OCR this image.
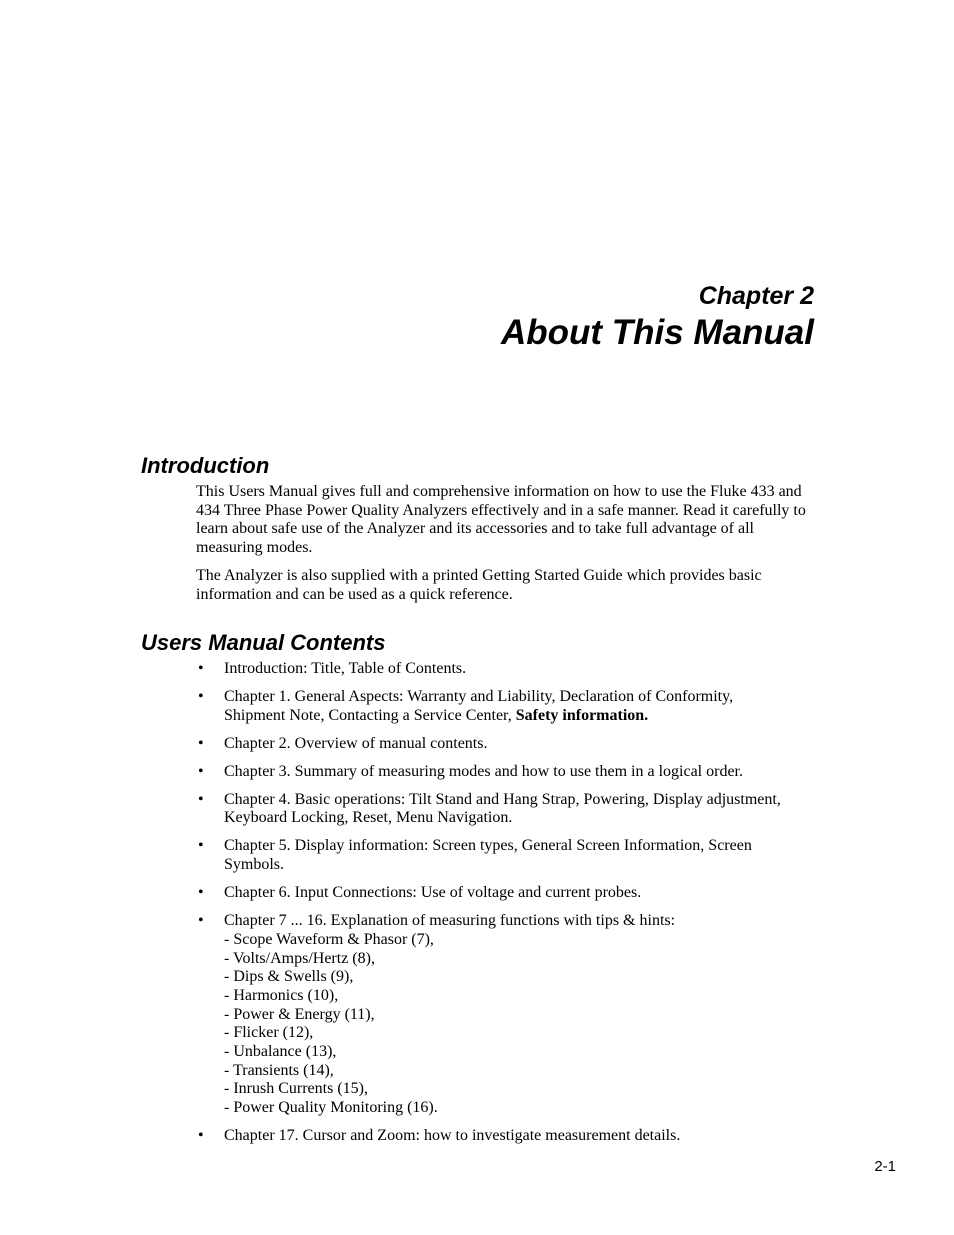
Chapter 2
About This Manual
Introduction

This Users Manual gives full and comprehensive information on how to use the Fluke 433 and 434 Three Phase Power Quality Analyzers effectively and in a safe manner. Read it carefully to learn about safe use of the Analyzer and its accessories and to take full advantage of all measuring modes.

The Analyzer is also supplied with a printed Getting Started Guide which provides basic information and can be used as a quick reference.

Users Manual Contents
• Introduction: Title, Table of Contents.
• Chapter 1. General Aspects: Warranty and Liability, Declaration of Conformity, Shipment Note, Contacting a Service Center, Safety information.
• Chapter 2. Overview of manual contents.
• Chapter 3. Summary of measuring modes and how to use them in a logical order.
• Chapter 4. Basic operations: Tilt Stand and Hang Strap, Powering, Display adjustment, Keyboard Locking, Reset, Menu Navigation.
• Chapter 5. Display information: Screen types, General Screen Information, Screen Symbols.
• Chapter 6. Input Connections: Use of voltage and current probes.
• Chapter 7 ... 16. Explanation of measuring functions with tips & hints:
- Scope Waveform & Phasor (7),
- Volts/Amps/Hertz (8),
- Dips & Swells (9),
- Harmonics (10),
- Power & Energy (11),
- Flicker (12),
- Unbalance (13),
- Transients (14),
- Inrush Currents (15),
- Power Quality Monitoring (16).
• Chapter 17. Cursor and Zoom: how to investigate measurement details.
2-1
